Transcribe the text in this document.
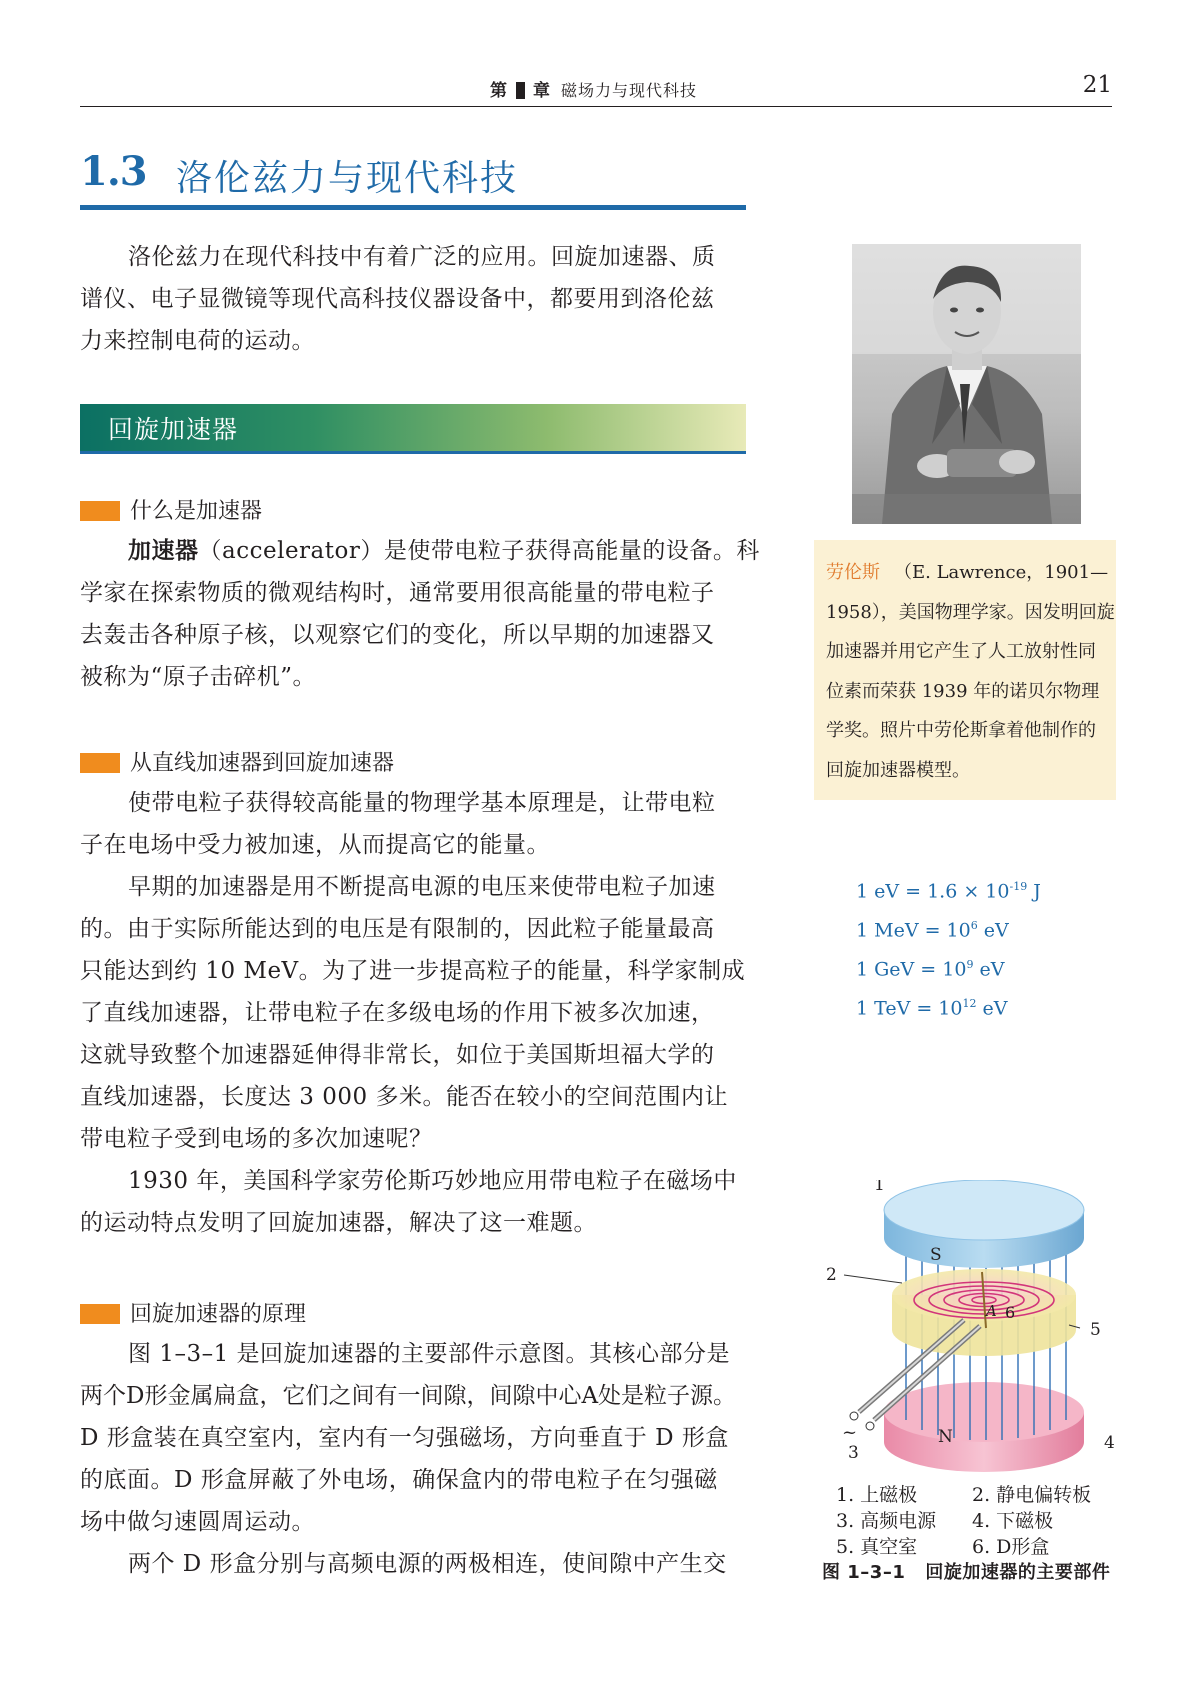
第 章 磁场力与现代科技	21
1.3 洛伦兹力与现代科技
洛伦兹力在现代科技中有着广泛的应用。回旋加速器、质
谱仪、电子显微镜等现代高科技仪器设备中，都要用到洛伦兹
力来控制电荷的运动。
回旋加速器
什么是加速器
加速器（accelerator）是使带电粒子获得高能量的设备。科
学家在探索物质的微观结构时，通常要用很高能量的带电粒子
去轰击各种原子核，以观察它们的变化，所以早期的加速器又
被称为“原子击碎机”。
从直线加速器到回旋加速器
使带电粒子获得较高能量的物理学基本原理是，让带电粒
子在电场中受力被加速，从而提高它的能量。
早期的加速器是用不断提高电源的电压来使带电粒子加速
的。由于实际所能达到的电压是有限制的，因此粒子能量最高
只能达到约 10 MeV。为了进一步提高粒子的能量，科学家制成
了直线加速器，让带电粒子在多级电场的作用下被多次加速，
这就导致整个加速器延伸得非常长，如位于美国斯坦福大学的
直线加速器，长度达 3 000 多米。能否在较小的空间范围内让
带电粒子受到电场的多次加速呢？
1930 年，美国科学家劳伦斯巧妙地应用带电粒子在磁场中
的运动特点发明了回旋加速器，解决了这一难题。
回旋加速器的原理
图 1–3–1 是回旋加速器的主要部件示意图。其核心部分是
两个D形金属扁盒，它们之间有一间隙，间隙中心A处是粒子源。
D 形盒装在真空室内，室内有一匀强磁场，方向垂直于 D 形盒
的底面。D 形盒屏蔽了外电场，确保盒内的带电粒子在匀强磁
场中做匀速圆周运动。
两个 D 形盒分别与高频电源的两极相连，使间隙中产生交
劳伦斯 （E. Lawrence，1901—
1958），美国物理学家。因发明回旋
加速器并用它产生了人工放射性同
位素而荣获 1939 年的诺贝尔物理
学奖。照片中劳伦斯拿着他制作的
回旋加速器模型。
1 eV = $1.6 \times 10^{-19}$ J
1 MeV = $10^6$ eV
1 GeV = $10^9$ eV
1 TeV = $10^{12}$ eV
1
2
3	4
5
6
S
N
A
~
1. 上磁极	2. 静电偏转板
3. 高频电源 4. 下磁极
5. 真空室	6. D形盒
图 1–3–1 回旋加速器的主要部件
